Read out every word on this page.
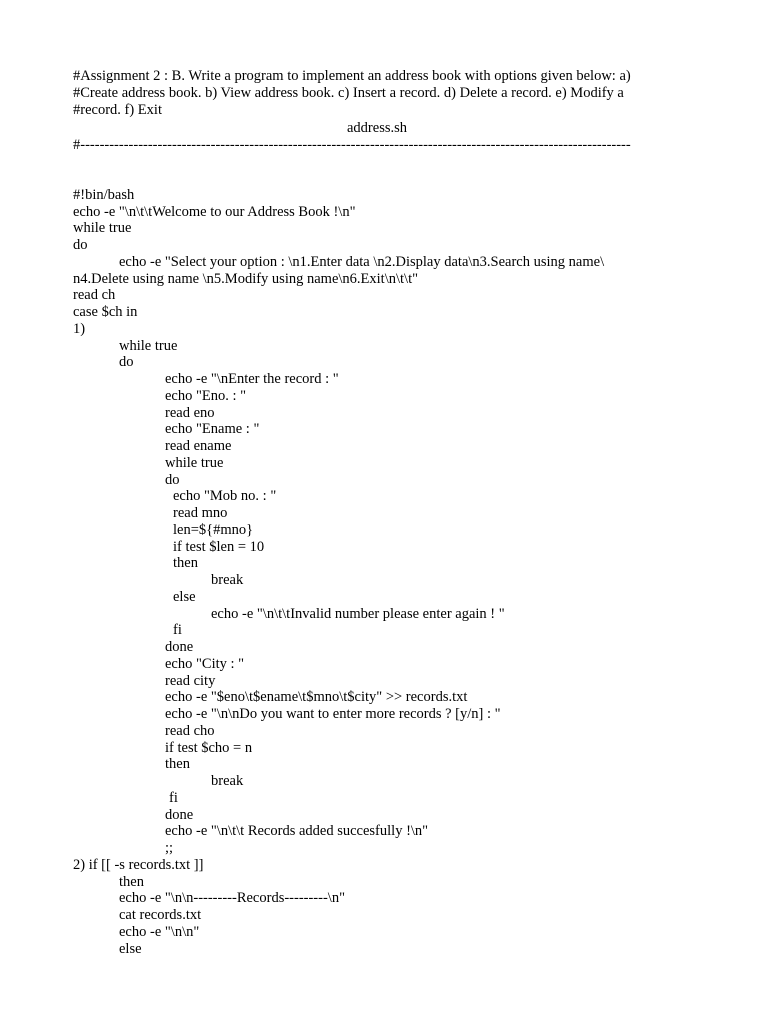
#Assignment 2 : B. Write a program to implement an address book with options given below: a)
#Create address book. b) View address book. c) Insert a record. d) Delete a record. e) Modify a
#record. f) Exit
address.sh
#------------------------------------------------------------------------------------------------------------------
#!bin/bash
echo -e "\n\t\tWelcome to our Address Book !\n"
while true
do
echo -e "Select your option : \n1.Enter data \n2.Display data\n3.Search using name\
n4.Delete using name \n5.Modify using name\n6.Exit\n\t\t"
read ch
case $ch in
1)
while true
do
echo -e "\nEnter the record : "
echo "Eno. : "
read eno
echo "Ename : "
read ename
while true
do
echo "Mob no. : "
read mno
len=${#mno}
if test $len = 10
then
break
else
echo -e "\n\t\tInvalid number please enter again ! "
fi
done
echo "City : "
read city
echo -e "$eno\t$ename\t$mno\t$city" >> records.txt
echo -e "\n\nDo you want to enter more records ? [y/n] : "
read cho
if test $cho = n
then
break
fi
done
echo -e "\n\t\t Records added succesfully !\n"
;;
2) if [[ -s records.txt ]]
then
echo -e "\n\n---------Records---------\n"
cat records.txt
echo -e "\n\n"
else
